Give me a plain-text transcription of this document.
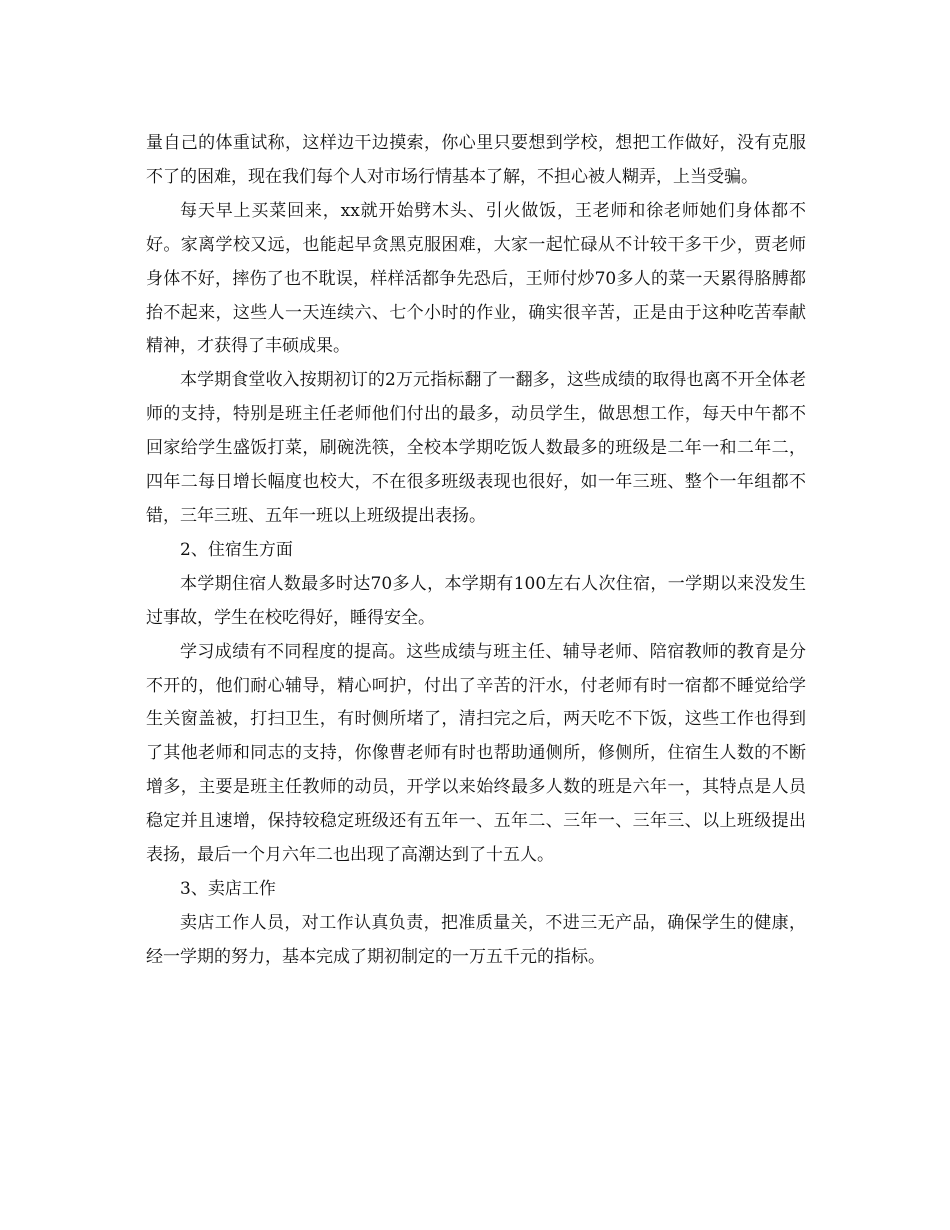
量自己的体重试称，这样边干边摸索，你心里只要想到学校，想把工作做好，没有克服不了的困难，现在我们每个人对市场行情基本了解，不担心被人糊弄，上当受骗。

每天早上买菜回来，xx就开始劈木头、引火做饭，王老师和徐老师她们身体都不好。家离学校又远，也能起早贪黑克服困难，大家一起忙碌从不计较干多干少，贾老师身体不好，摔伤了也不耽误，样样活都争先恐后，王师付炒70多人的菜一天累得胳膊都抬不起来，这些人一天连续六、七个小时的作业，确实很辛苦，正是由于这种吃苦奉献精神，才获得了丰硕成果。

本学期食堂收入按期初订的2万元指标翻了一翻多，这些成绩的取得也离不开全体老师的支持，特别是班主任老师他们付出的最多，动员学生，做思想工作，每天中午都不回家给学生盛饭打菜，刷碗洗筷，全校本学期吃饭人数最多的班级是二年一和二年二，四年二每日增长幅度也校大，不在很多班级表现也很好，如一年三班、整个一年组都不错，三年三班、五年一班以上班级提出表扬。

2、住宿生方面

本学期住宿人数最多时达70多人，本学期有100左右人次住宿，一学期以来没发生过事故，学生在校吃得好，睡得安全。

学习成绩有不同程度的提高。这些成绩与班主任、辅导老师、陪宿教师的教育是分不开的，他们耐心辅导，精心呵护，付出了辛苦的汗水，付老师有时一宿都不睡觉给学生关窗盖被，打扫卫生，有时侧所堵了，清扫完之后，两天吃不下饭，这些工作也得到了其他老师和同志的支持，你像曹老师有时也帮助通侧所，修侧所，住宿生人数的不断增多，主要是班主任教师的动员，开学以来始终最多人数的班是六年一，其特点是人员稳定并且速增，保持较稳定班级还有五年一、五年二、三年一、三年三、以上班级提出表扬，最后一个月六年二也出现了高潮达到了十五人。

3、卖店工作

卖店工作人员，对工作认真负责，把准质量关，不进三无产品，确保学生的健康，经一学期的努力，基本完成了期初制定的一万五千元的指标。
